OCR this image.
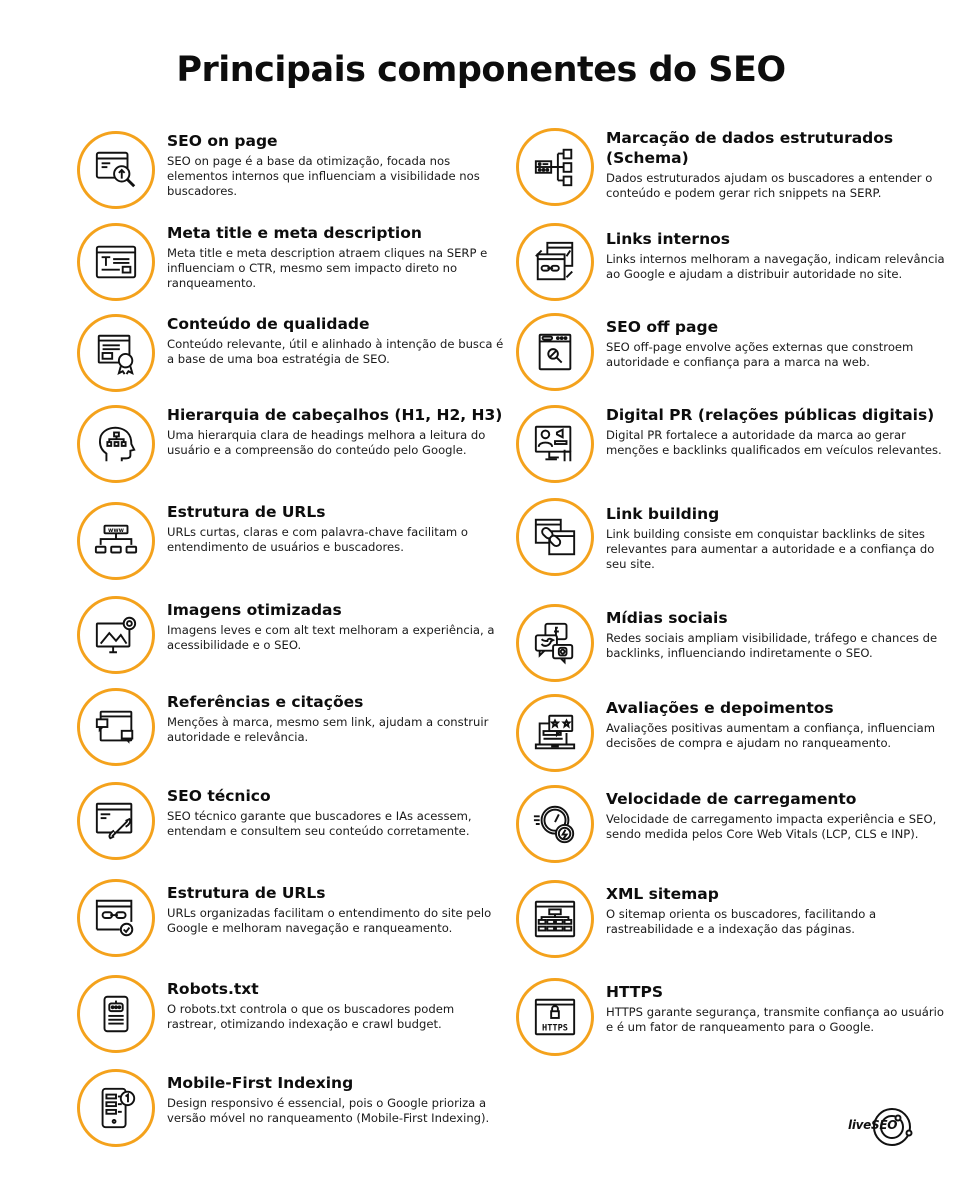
Principais componentes do SEO
SEO on page
SEO on page é a base da otimização, focada nos elementos internos que influenciam a visibilidade nos buscadores.
Meta title e meta description
Meta title e meta description atraem cliques na SERP e influenciam o CTR, mesmo sem impacto direto no ranqueamento.
Conteúdo de qualidade
Conteúdo relevante, útil e alinhado à intenção de busca é a base de uma boa estratégia de SEO.
Hierarquia de cabeçalhos (H1, H2, H3)
Uma hierarquia clara de headings melhora a leitura do usuário e a compreensão do conteúdo pelo Google.
www
Estrutura de URLs
URLs curtas, claras e com palavra-chave facilitam o entendimento de usuários e buscadores.
Imagens otimizadas
Imagens leves e com alt text melhoram a experiência, a acessibilidade e o SEO.
Referências e citações
Menções à marca, mesmo sem link, ajudam a construir autoridade e relevância.
SEO técnico
SEO técnico garante que buscadores e IAs acessem, entendam e consultem seu conteúdo corretamente.
Estrutura de URLs
URLs organizadas facilitam o entendimento do site pelo Google e melhoram navegação e ranqueamento.
Robots.txt
O robots.txt controla o que os buscadores podem rastrear, otimizando indexação e crawl budget.
Mobile-First Indexing
Design responsivo é essencial, pois o Google prioriza a versão móvel no ranqueamento (Mobile-First Indexing).
Marcação de dados estruturados (Schema)
Dados estruturados ajudam os buscadores a entender o conteúdo e podem gerar rich snippets na SERP.
Links internos
Links internos melhoram a navegação, indicam relevância ao Google e ajudam a distribuir autoridade no site.
SEO off page
SEO off-page envolve ações externas que constroem autoridade e confiança para a marca na web.
Digital PR (relações públicas digitais)
Digital PR fortalece a autoridade da marca ao gerar menções e backlinks qualificados em veículos relevantes.
Link building
Link building consiste em conquistar backlinks de sites relevantes para aumentar a autoridade e a confiança do seu site.
Mídias sociais
Redes sociais ampliam visibilidade, tráfego e chances de backlinks, influenciando indiretamente o SEO.
Avaliações e depoimentos
Avaliações positivas aumentam a confiança, influenciam decisões de compra e ajudam no ranqueamento.
Velocidade de carregamento
Velocidade de carregamento impacta experiência e SEO, sendo medida pelos Core Web Vitals (LCP, CLS e INP).
XML sitemap
O sitemap orienta os buscadores, facilitando a rastreabilidade e a indexação das páginas.
HTTPS
HTTPS
HTTPS garante segurança, transmite confiança ao usuário e é um fator de ranqueamento para o Google.
liveSEO
